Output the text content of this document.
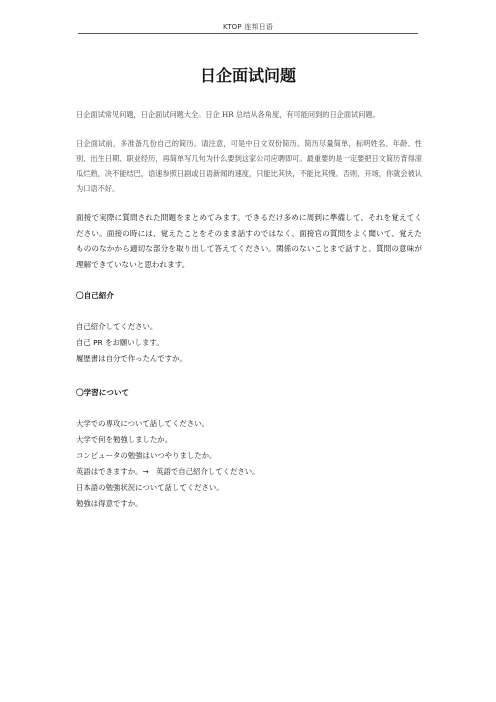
KTOP 连邦日语
日企面试问题

日企面试常见问题，日企面试问题大全。日企 HR 总结从各角度，有可能问到的日企面试问题。

日企面试前，多准备几份自己的简历。请注意，可是中日文双份简历。简历尽量简单，标明姓名、年龄、性别、出生日期、职业经历，再简单写几句为什么要到这家公司应聘即可。最重要的是一定要把日文简历背得滚瓜烂熟，决不能结巴，语速参照日剧或日语新闻的速度，只能比其快，不能比其慢。否则，开场，你就会被认为口语不好。

面接で実際に質問された問題をまとめてみます。できるだけ多めに周到に準備して、それを覚えてください。面接の時には、覚えたことをそのまま話すのではなく、面接官の質問をよく聞いて、覚えたもののなかから適切な部分を取り出して答えてください。関係のないことまで話すと、質問の意味が理解できていないと思われます。

〇自己紹介
自己紹介してください。
自己 PR をお願いします。
履歴書は自分で作ったんですか。
〇学習について
大学での専攻について話してください。
大学で何を勉強しましたか。
コンピュータの勉強はいつやりましたか。
英語はできますか。→　英語で自己紹介してください。
日本語の勉強状況について話してください。
勉強は得意ですか。
